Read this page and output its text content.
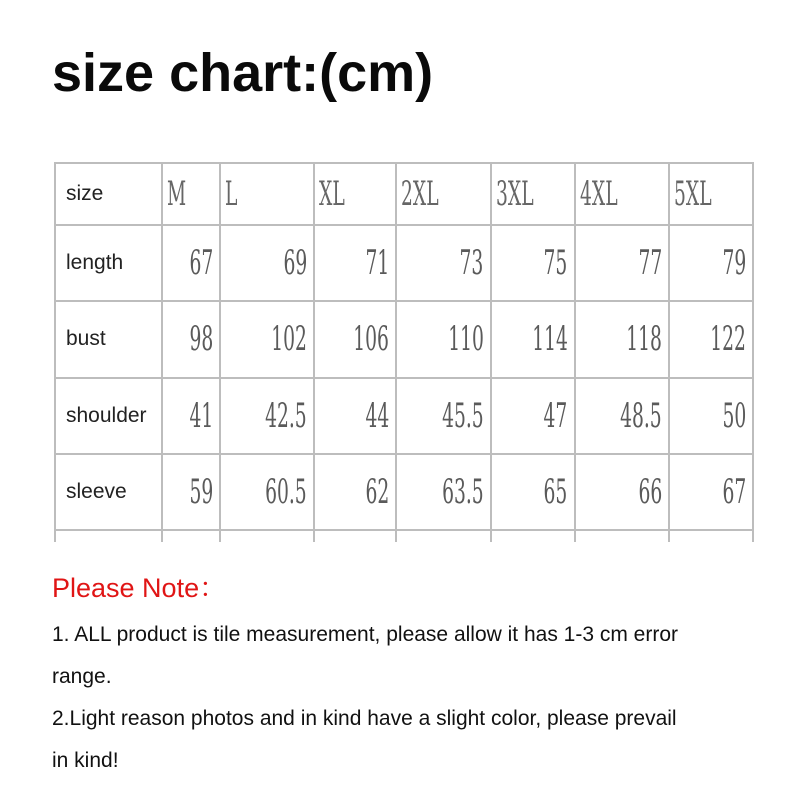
size chart:(cm)
size	M	L	XL	2XL	3XL	4XL	5XL
length	67	69	71	73	75	77	79
bust	98	102	106	110	114	118	122
shoulder	41	42.5	44	45.5	47	48.5	50
sleeve	59	60.5	62	63.5	65	66	67

Please Note：
1. ALL product is tile measurement, please allow it has 1-3 cm error
range.
2.Light reason photos and in kind have a slight color, please prevail
in kind!
